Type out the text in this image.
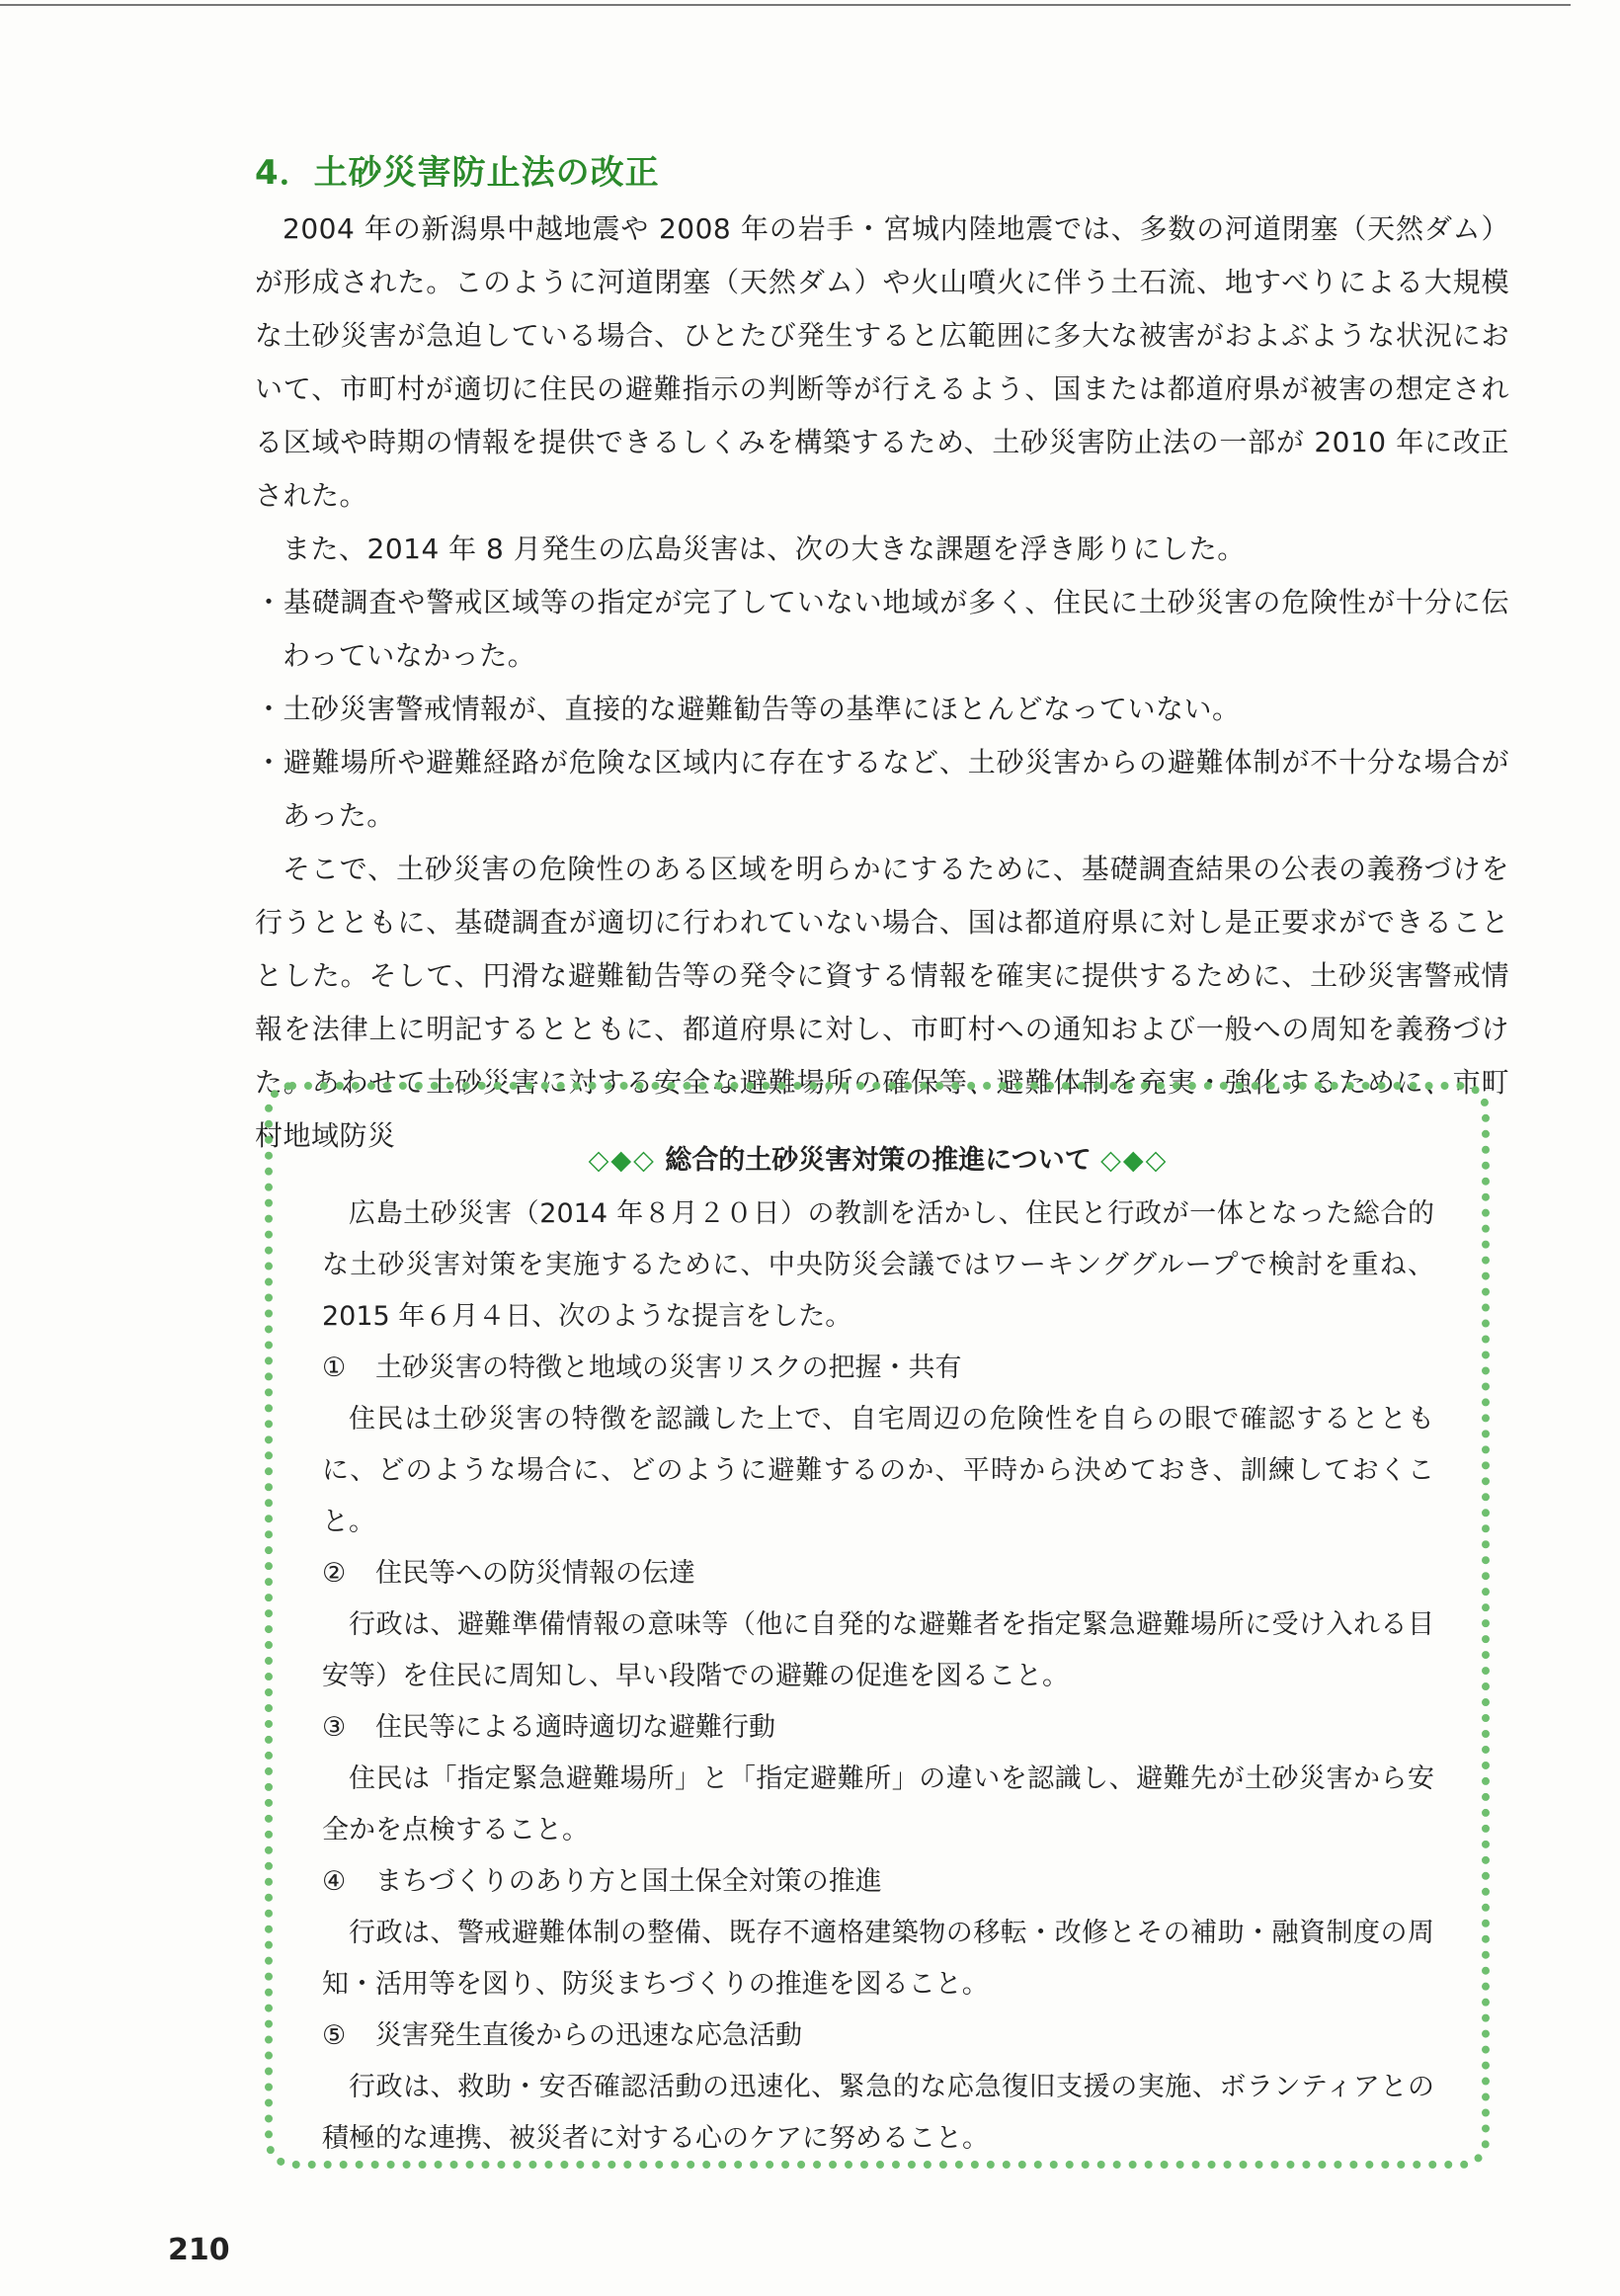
4．土砂災害防止法の改正

2004 年の新潟県中越地震や 2008 年の岩手・宮城内陸地震では、多数の河道閉塞（天然ダム）が形成された。このように河道閉塞（天然ダム）や火山噴火に伴う土石流、地すべりによる大規模な土砂災害が急迫している場合、ひとたび発生すると広範囲に多大な被害がおよぶような状況において、市町村が適切に住民の避難指示の判断等が行えるよう、国または都道府県が被害の想定される区域や時期の情報を提供できるしくみを構築するため、土砂災害防止法の一部が 2010 年に改正された。

また、2014 年 8 月発生の広島災害は、次の大きな課題を浮き彫りにした。

・ 基礎調査や警戒区域等の指定が完了していない地域が多く、住民に土砂災害の危険性が十分に伝わっていなかった。
・ 土砂災害警戒情報が、直接的な避難勧告等の基準にほとんどなっていない。
・ 避難場所や避難経路が危険な区域内に存在するなど、土砂災害からの避難体制が不十分な場合があった。

そこで、土砂災害の危険性のある区域を明らかにするために、基礎調査結果の公表の義務づけを行うとともに、基礎調査が適切に行われていない場合、国は都道府県に対し是正要求ができることとした。そして、円滑な避難勧告等の発令に資する情報を確実に提供するために、土砂災害警戒情報を法律上に明記するとともに、都道府県に対し、市町村への通知および一般への周知を義務づけた。あわせて土砂災害に対する安全な避難場所の確保等、避難体制を充実・強化するために、市町村地域防災

◇◆◇ 総合的土砂災害対策の推進について ◇◆◇

広島土砂災害（2014 年８月２０日）の教訓を活かし、住民と行政が一体となった総合的な土砂災害対策を実施するために、中央防災会議ではワーキンググループで検討を重ね、2015 年６月４日、次のような提言をした。

①	土砂災害の特徴と地域の災害リスクの把握・共有

住民は土砂災害の特徴を認識した上で、自宅周辺の危険性を自らの眼で確認するとともに、どのような場合に、どのように避難するのか、平時から決めておき、訓練しておくこと。

②	住民等への防災情報の伝達

行政は、避難準備情報の意味等（他に自発的な避難者を指定緊急避難場所に受け入れる目安等）を住民に周知し、早い段階での避難の促進を図ること。

③	住民等による適時適切な避難行動

住民は「指定緊急避難場所」と「指定避難所」の違いを認識し、避難先が土砂災害から安全かを点検すること。

④	まちづくりのあり方と国土保全対策の推進

行政は、警戒避難体制の整備、既存不適格建築物の移転・改修とその補助・融資制度の周知・活用等を図り、防災まちづくりの推進を図ること。

⑤	災害発生直後からの迅速な応急活動

行政は、救助・安否確認活動の迅速化、緊急的な応急復旧支援の実施、ボランティアとの積極的な連携、被災者に対する心のケアに努めること。

210
